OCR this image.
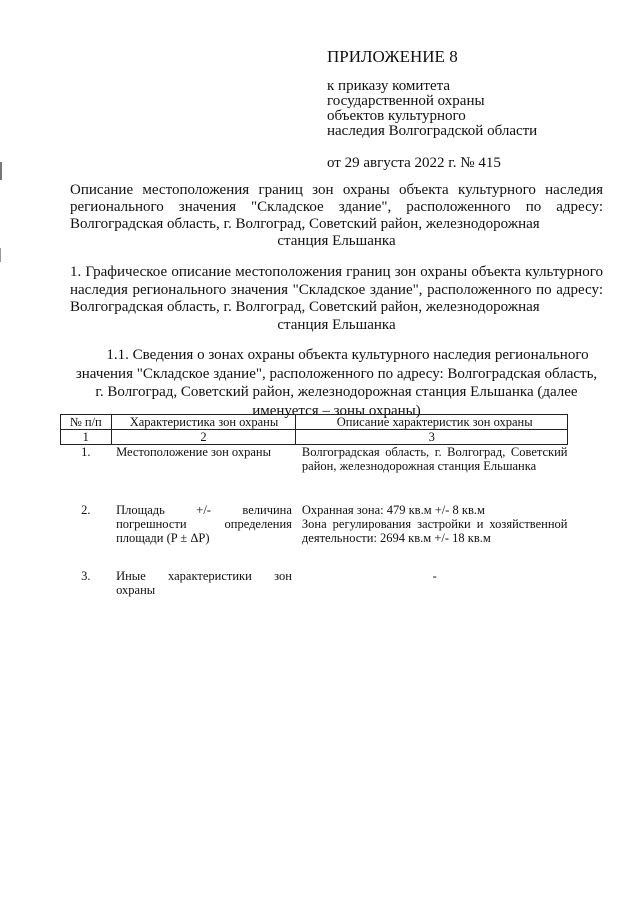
ПРИЛОЖЕНИЕ 8
к приказу комитета
государственной охраны
объектов культурного
наследия Волгоградской области
от 29 августа 2022 г. № 415
Описание местоположения границ зон охраны объекта культурного наследия регионального значения "Складское здание", расположенного по адресу: Волгоградская область, г. Волгоград, Советский район, железнодорожная
станция Ельшанка
1. Графическое описание местоположения границ зон охраны объекта культурного наследия регионального значения "Складское здание", расположенного по адресу: Волгоградская область, г. Волгоград, Советский район, железнодорожная
станция Ельшанка
1.1. Сведения о зонах охраны объекта культурного наследия регионального значения "Складское здание", расположенного по адресу: Волгоградская область, г. Волгоград, Советский район, железнодорожная станция Ельшанка (далее именуется – зоны охраны)
№ п/п	Характеристика зон охраны	Описание характеристик зон охраны
1	2	3
1.	Местоположение зон охраны	Волгоградская область, г. Волгоград, Советский район, железнодорожная станция Ельшанка
2.	Площадь +/- величина погрешности определения площади (P ± ΔP)	Охранная зона: 479 кв.м +/- 8 кв.м
Зона регулирования застройки и хозяйственной деятельности: 2694 кв.м +/- 18 кв.м

3.	Иные характеристики зон охраны	-
